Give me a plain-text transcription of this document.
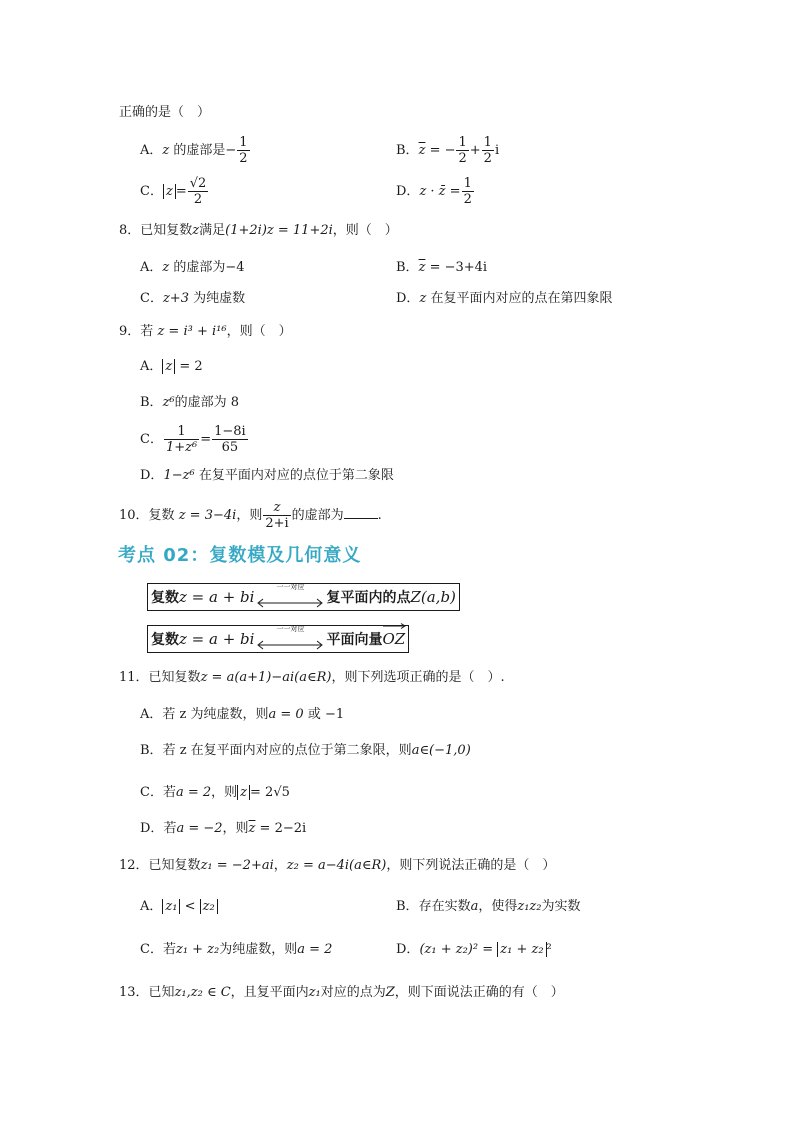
正确的是（　）
A．z 的虚部是− $\frac{1}{2}$	B．$\overline{z}$ = − $\frac{1}{2} + \frac{1}{2}$ i
C． $z = \frac{√2}{2}$	D．z · z̄ = $\frac{1}{2}$
8．已知复数z满足(1+2i)z = 11+2i，则（　）
A．z 的虚部为−4	B．$\overline{z} = -3+4i$
C．z+3 为纯虚数	D．z 在复平面内对应的点在第四象限
9．若 z = i³ + i¹⁶，则（　）
A． z = 2
B．z⁶的虚部为 8
C． $\frac{1}{\text{1+z⁶}} = \frac{1-8i}{65}$
D．1−z⁶ 在复平面内对应的点位于第二象限
10．复数 z = 3−4i，则 $\frac{z}{2+i}$ 的虚部为	.
考点 02：复数模及几何意义
复数z = a + bi
一一对应
复平面内的点Z(a,b)
复数z = a + bi
一一对应
平面向量
OZ
11．已知复数z = a(a+1)−ai(a∈R)，则下列选项正确的是（　）.
A．若 z 为纯虚数，则a = 0 或 −1
B．若 z 在复平面内对应的点位于第二象限，则a∈(−1,0)
C．若a = 2，则 z = 2√5
D．若a = −2，则$\overline{z} = 2-2i$
12．已知复数z₁ = −2+ai，z₂ = a−4i(a∈R)，则下列说法正确的是（　）
A． z₁ < z₂	B．存在实数a，使得z₁z₂为实数
C．若z₁ + z₂为纯虚数，则a = 2	D．(z₁ + z₂)² = z₁ + z₂ ²
13．已知z₁,z₂ ∈ C，且复平面内z₁对应的点为Z，则下面说法正确的有（　）
